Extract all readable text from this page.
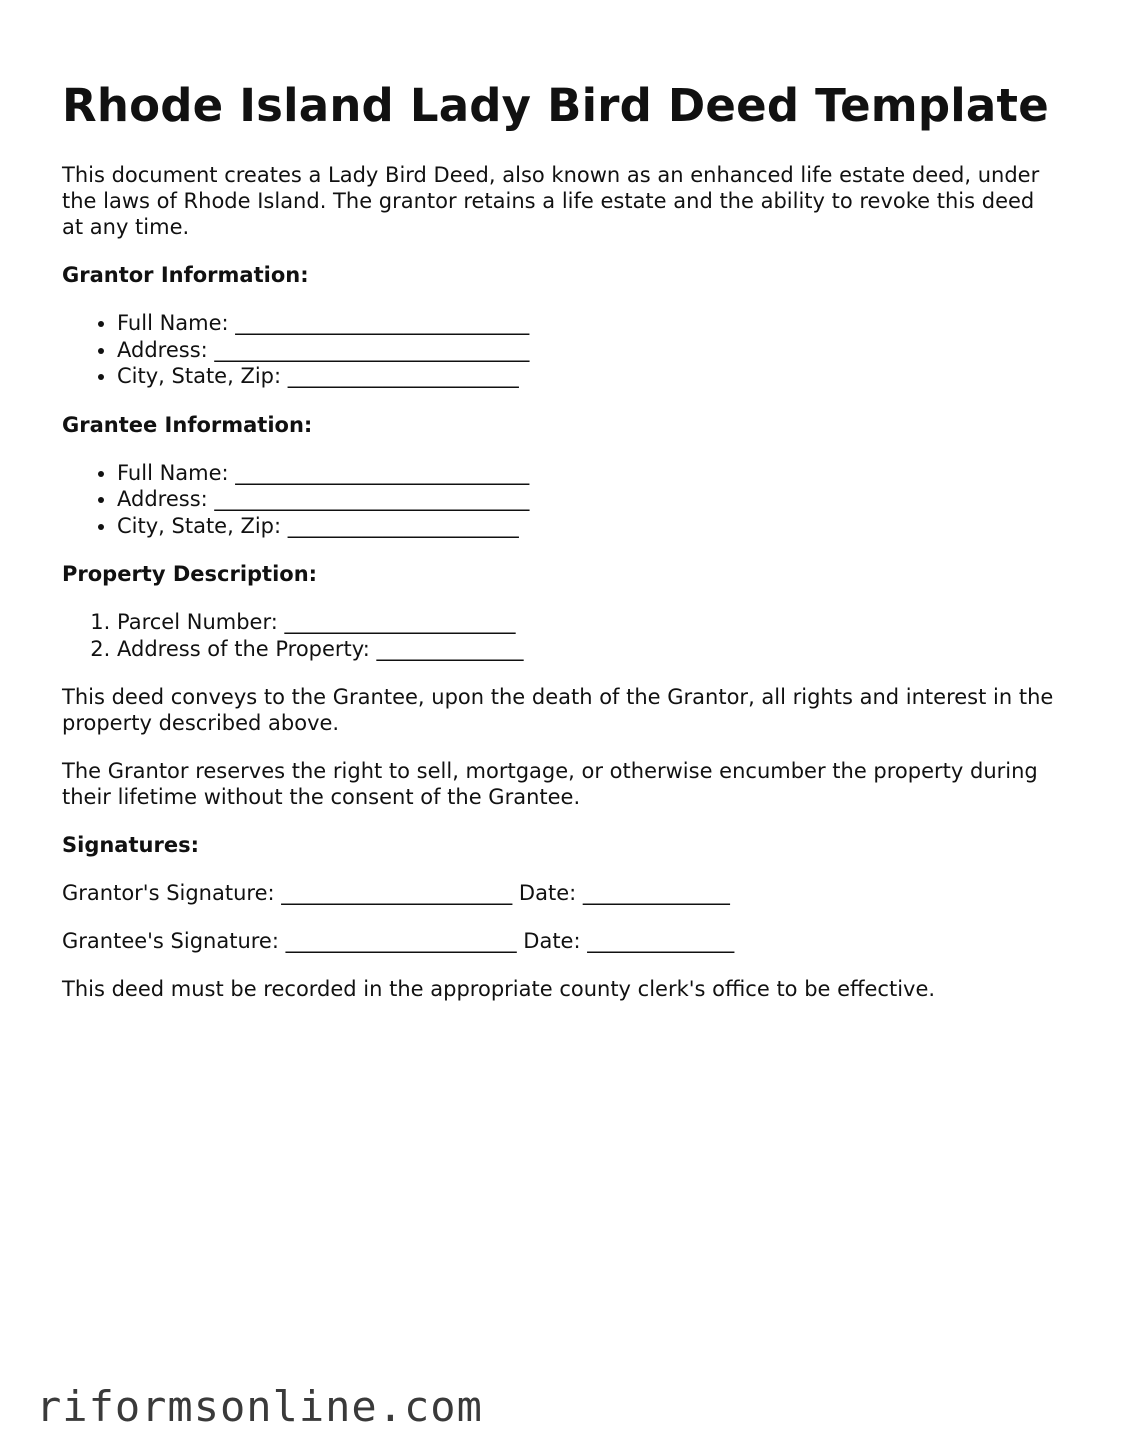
Rhode Island Lady Bird Deed Template

This document creates a Lady Bird Deed, also known as an enhanced life estate deed, under the laws of Rhode Island. The grantor retains a life estate and the ability to revoke this deed at any time.

Grantor Information:
• Full Name: ____________________________
• Address: ______________________________
• City, State, Zip: ______________________
Grantee Information:
• Full Name: ____________________________
• Address: ______________________________
• City, State, Zip: ______________________
Property Description:
1. Parcel Number: ______________________
2. Address of the Property: ______________

This deed conveys to the Grantee, upon the death of the Grantor, all rights and interest in the property described above.

The Grantor reserves the right to sell, mortgage, or otherwise encumber the property during their lifetime without the consent of the Grantee.

Signatures:
Grantor's Signature: ______________________ Date: ______________
Grantee's Signature: ______________________ Date: ______________

This deed must be recorded in the appropriate county clerk's office to be effective.

riformsonline.com
